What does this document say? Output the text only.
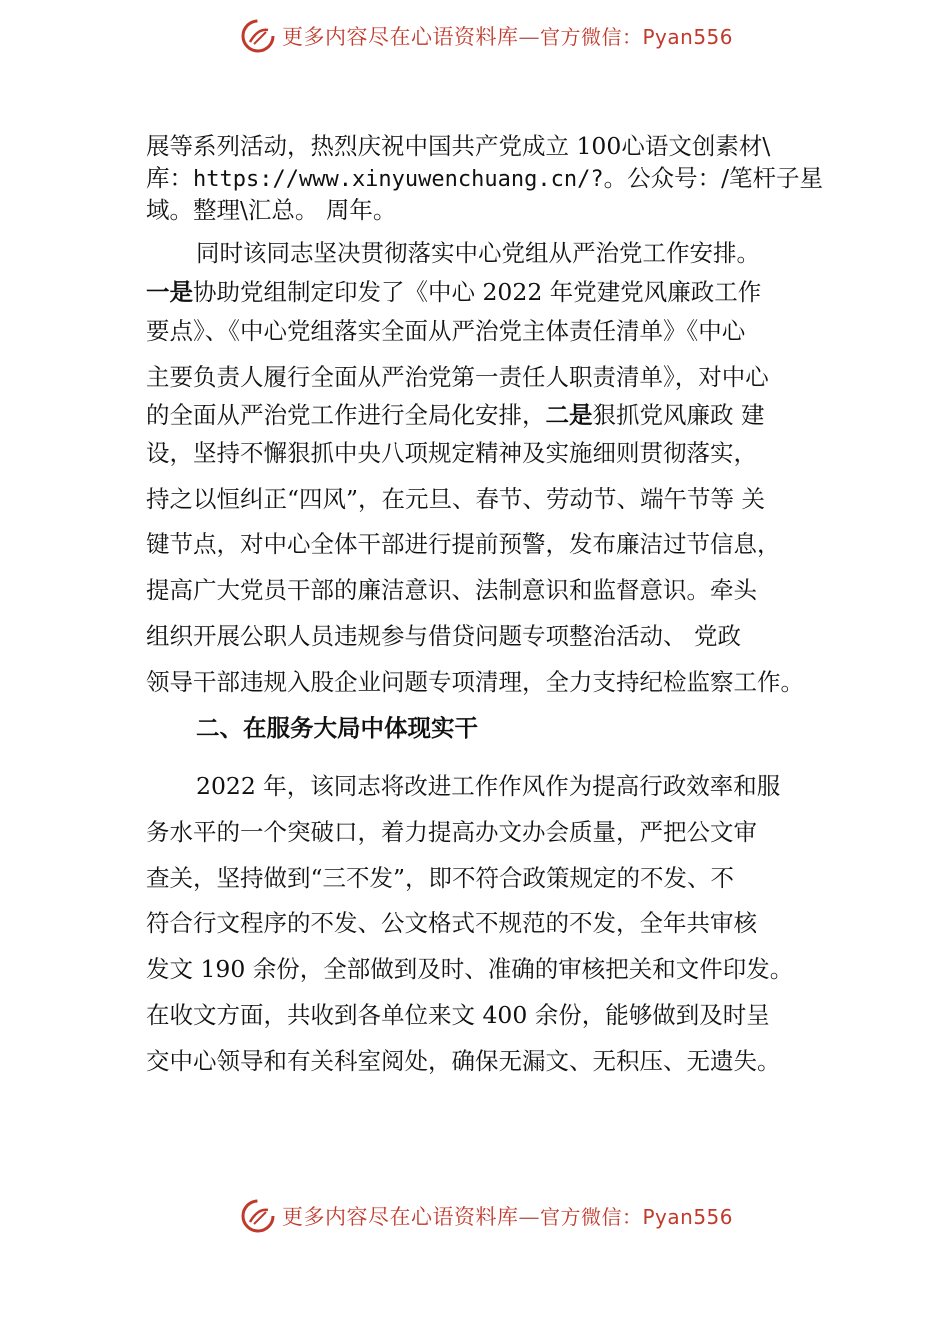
更多内容尽在心语资料库—官方微信：Pyan556
展等系列活动，热烈庆祝中国共产党成立 100心语文创素材\
库：https://www.xinyuwenchuang.cn/?。公众号：/笔杆子星
域。整理\汇总。 周年。
同时该同志坚决贯彻落实中心党组从严治党工作安排。
一是协助党组制定印发了《中心 2022 年党建党风廉政工作
要点》、《中心党组落实全面从严治党主体责任清单》《中心
主要负责人履行全面从严治党第一责任人职责清单》，对中心
的全面从严治党工作进行全局化安排，二是狠抓党风廉政 建
设，坚持不懈狠抓中央八项规定精神及实施细则贯彻落实，
持之以恒纠正“四风”，在元旦、春节、劳动节、端午节等 关
键节点，对中心全体干部进行提前预警，发布廉洁过节信息，
提高广大党员干部的廉洁意识、法制意识和监督意识。牵头
组织开展公职人员违规参与借贷问题专项整治活动、 党政
领导干部违规入股企业问题专项清理，全力支持纪检监察工作。
二、在服务大局中体现实干
2022 年，该同志将改进工作作风作为提高行政效率和服
务水平的一个突破口，着力提高办文办会质量，严把公文审
查关，坚持做到“三不发”，即不符合政策规定的不发、不
符合行文程序的不发、公文格式不规范的不发，全年共审核
发文 190 余份，全部做到及时、准确的审核把关和文件印发。
在收文方面，共收到各单位来文 400 余份，能够做到及时呈
交中心领导和有关科室阅处，确保无漏文、无积压、无遗失。
更多内容尽在心语资料库—官方微信：Pyan556
